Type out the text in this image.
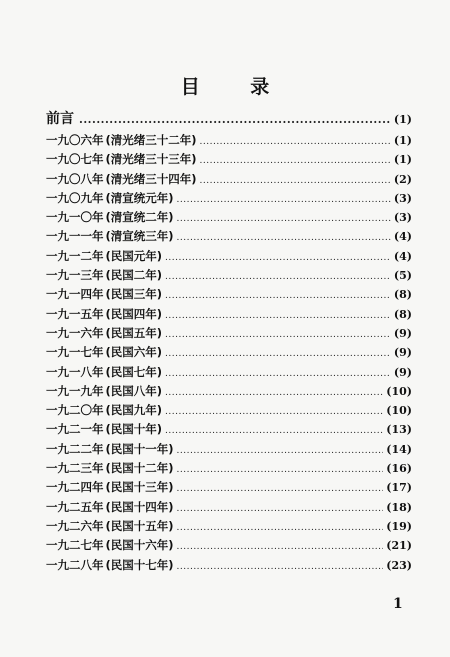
目 录
前言 .....	(1)
一九〇六年 (清光绪三十二年) .....	(1)
一九〇七年 (清光绪三十三年) .....	(1)
一九〇八年 (清光绪三十四年) .....	(2)
一九〇九年 (清宣统元年) .....	(3)
一九一〇年 (清宣统二年) .....	(3)
一九一一年 (清宣统三年) .....	(4)
一九一二年 (民国元年) .....	(4)
一九一三年 (民国二年) .....	(5)
一九一四年 (民国三年) .....	(8)
一九一五年 (民国四年) .....	(8)
一九一六年 (民国五年) .....	(9)
一九一七年 (民国六年) .....	(9)
一九一八年 (民国七年) .....	(9)
一九一九年 (民国八年) .....	(10)
一九二〇年 (民国九年) .....	(10)
一九二一年 (民国十年) .....	(13)
一九二二年 (民国十一年) .....	(14)
一九二三年 (民国十二年) .....	(16)
一九二四年 (民国十三年) .....	(17)
一九二五年 (民国十四年) .....	(18)
一九二六年 (民国十五年) .....	(19)
一九二七年 (民国十六年) .....	(21)
一九二八年 (民国十七年) .....	(23)
1
